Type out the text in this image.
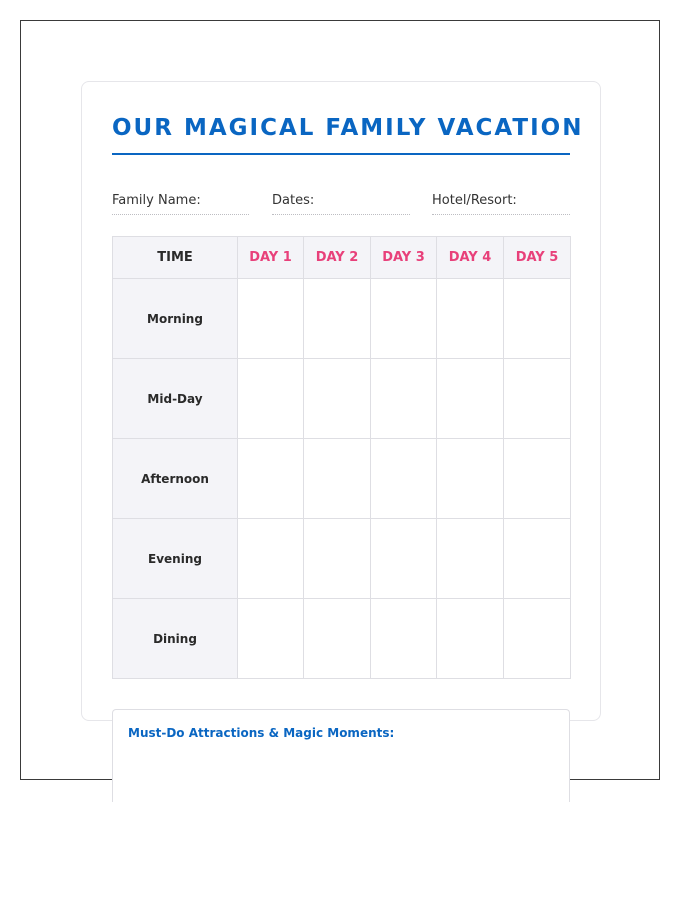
OUR MAGICAL FAMILY VACATION
Family Name:	Dates:	Hotel/Resort:
TIME	DAY 1	DAY 2	DAY 3	DAY 4	DAY 5
Morning					
Mid-Day					
Afternoon					
Evening					
Dining					
Must-Do Attractions & Magic Moments:
